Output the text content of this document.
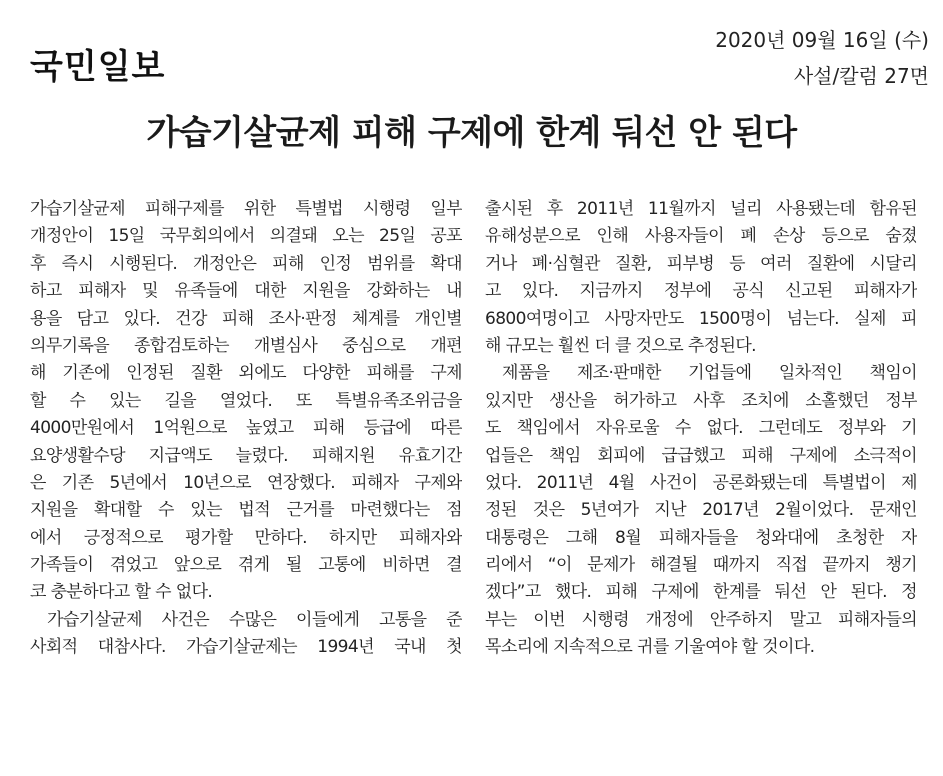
국민일보
2020년 09월 16일 (수)
사설/칼럼 27면
가습기살균제 피해 구제에 한계 둬선 안 된다
가습기살균제 피해구제를 위한 특별법 시행령 일부
개정안이 15일 국무회의에서 의결돼 오는 25일 공포
후 즉시 시행된다. 개정안은 피해 인정 범위를 확대
하고 피해자 및 유족들에 대한 지원을 강화하는 내
용을 담고 있다. 건강 피해 조사·판정 체계를 개인별
의무기록을 종합검토하는 개별심사 중심으로 개편
해 기존에 인정된 질환 외에도 다양한 피해를 구제
할 수 있는 길을 열었다. 또 특별유족조위금을
4000만원에서 1억원으로 높였고 피해 등급에 따른
요양생활수당 지급액도 늘렸다. 피해지원 유효기간
은 기존 5년에서 10년으로 연장했다. 피해자 구제와
지원을 확대할 수 있는 법적 근거를 마련했다는 점
에서 긍정적으로 평가할 만하다. 하지만 피해자와
가족들이 겪었고 앞으로 겪게 될 고통에 비하면 결
코 충분하다고 할 수 없다.
가습기살균제 사건은 수많은 이들에게 고통을 준
사회적 대참사다. 가습기살균제는 1994년 국내 첫
출시된 후 2011년 11월까지 널리 사용됐는데 함유된
유해성분으로 인해 사용자들이 폐 손상 등으로 숨졌
거나 폐·심혈관 질환, 피부병 등 여러 질환에 시달리
고 있다. 지금까지 정부에 공식 신고된 피해자가
6800여명이고 사망자만도 1500명이 넘는다. 실제 피
해 규모는 훨씬 더 클 것으로 추정된다.
제품을 제조·판매한 기업들에 일차적인 책임이
있지만 생산을 허가하고 사후 조치에 소홀했던 정부
도 책임에서 자유로울 수 없다. 그런데도 정부와 기
업들은 책임 회피에 급급했고 피해 구제에 소극적이
었다. 2011년 4월 사건이 공론화됐는데 특별법이 제
정된 것은 5년여가 지난 2017년 2월이었다. 문재인
대통령은 그해 8월 피해자들을 청와대에 초청한 자
리에서 “이 문제가 해결될 때까지 직접 끝까지 챙기
겠다”고 했다. 피해 구제에 한계를 둬선 안 된다. 정
부는 이번 시행령 개정에 안주하지 말고 피해자들의
목소리에 지속적으로 귀를 기울여야 할 것이다.
